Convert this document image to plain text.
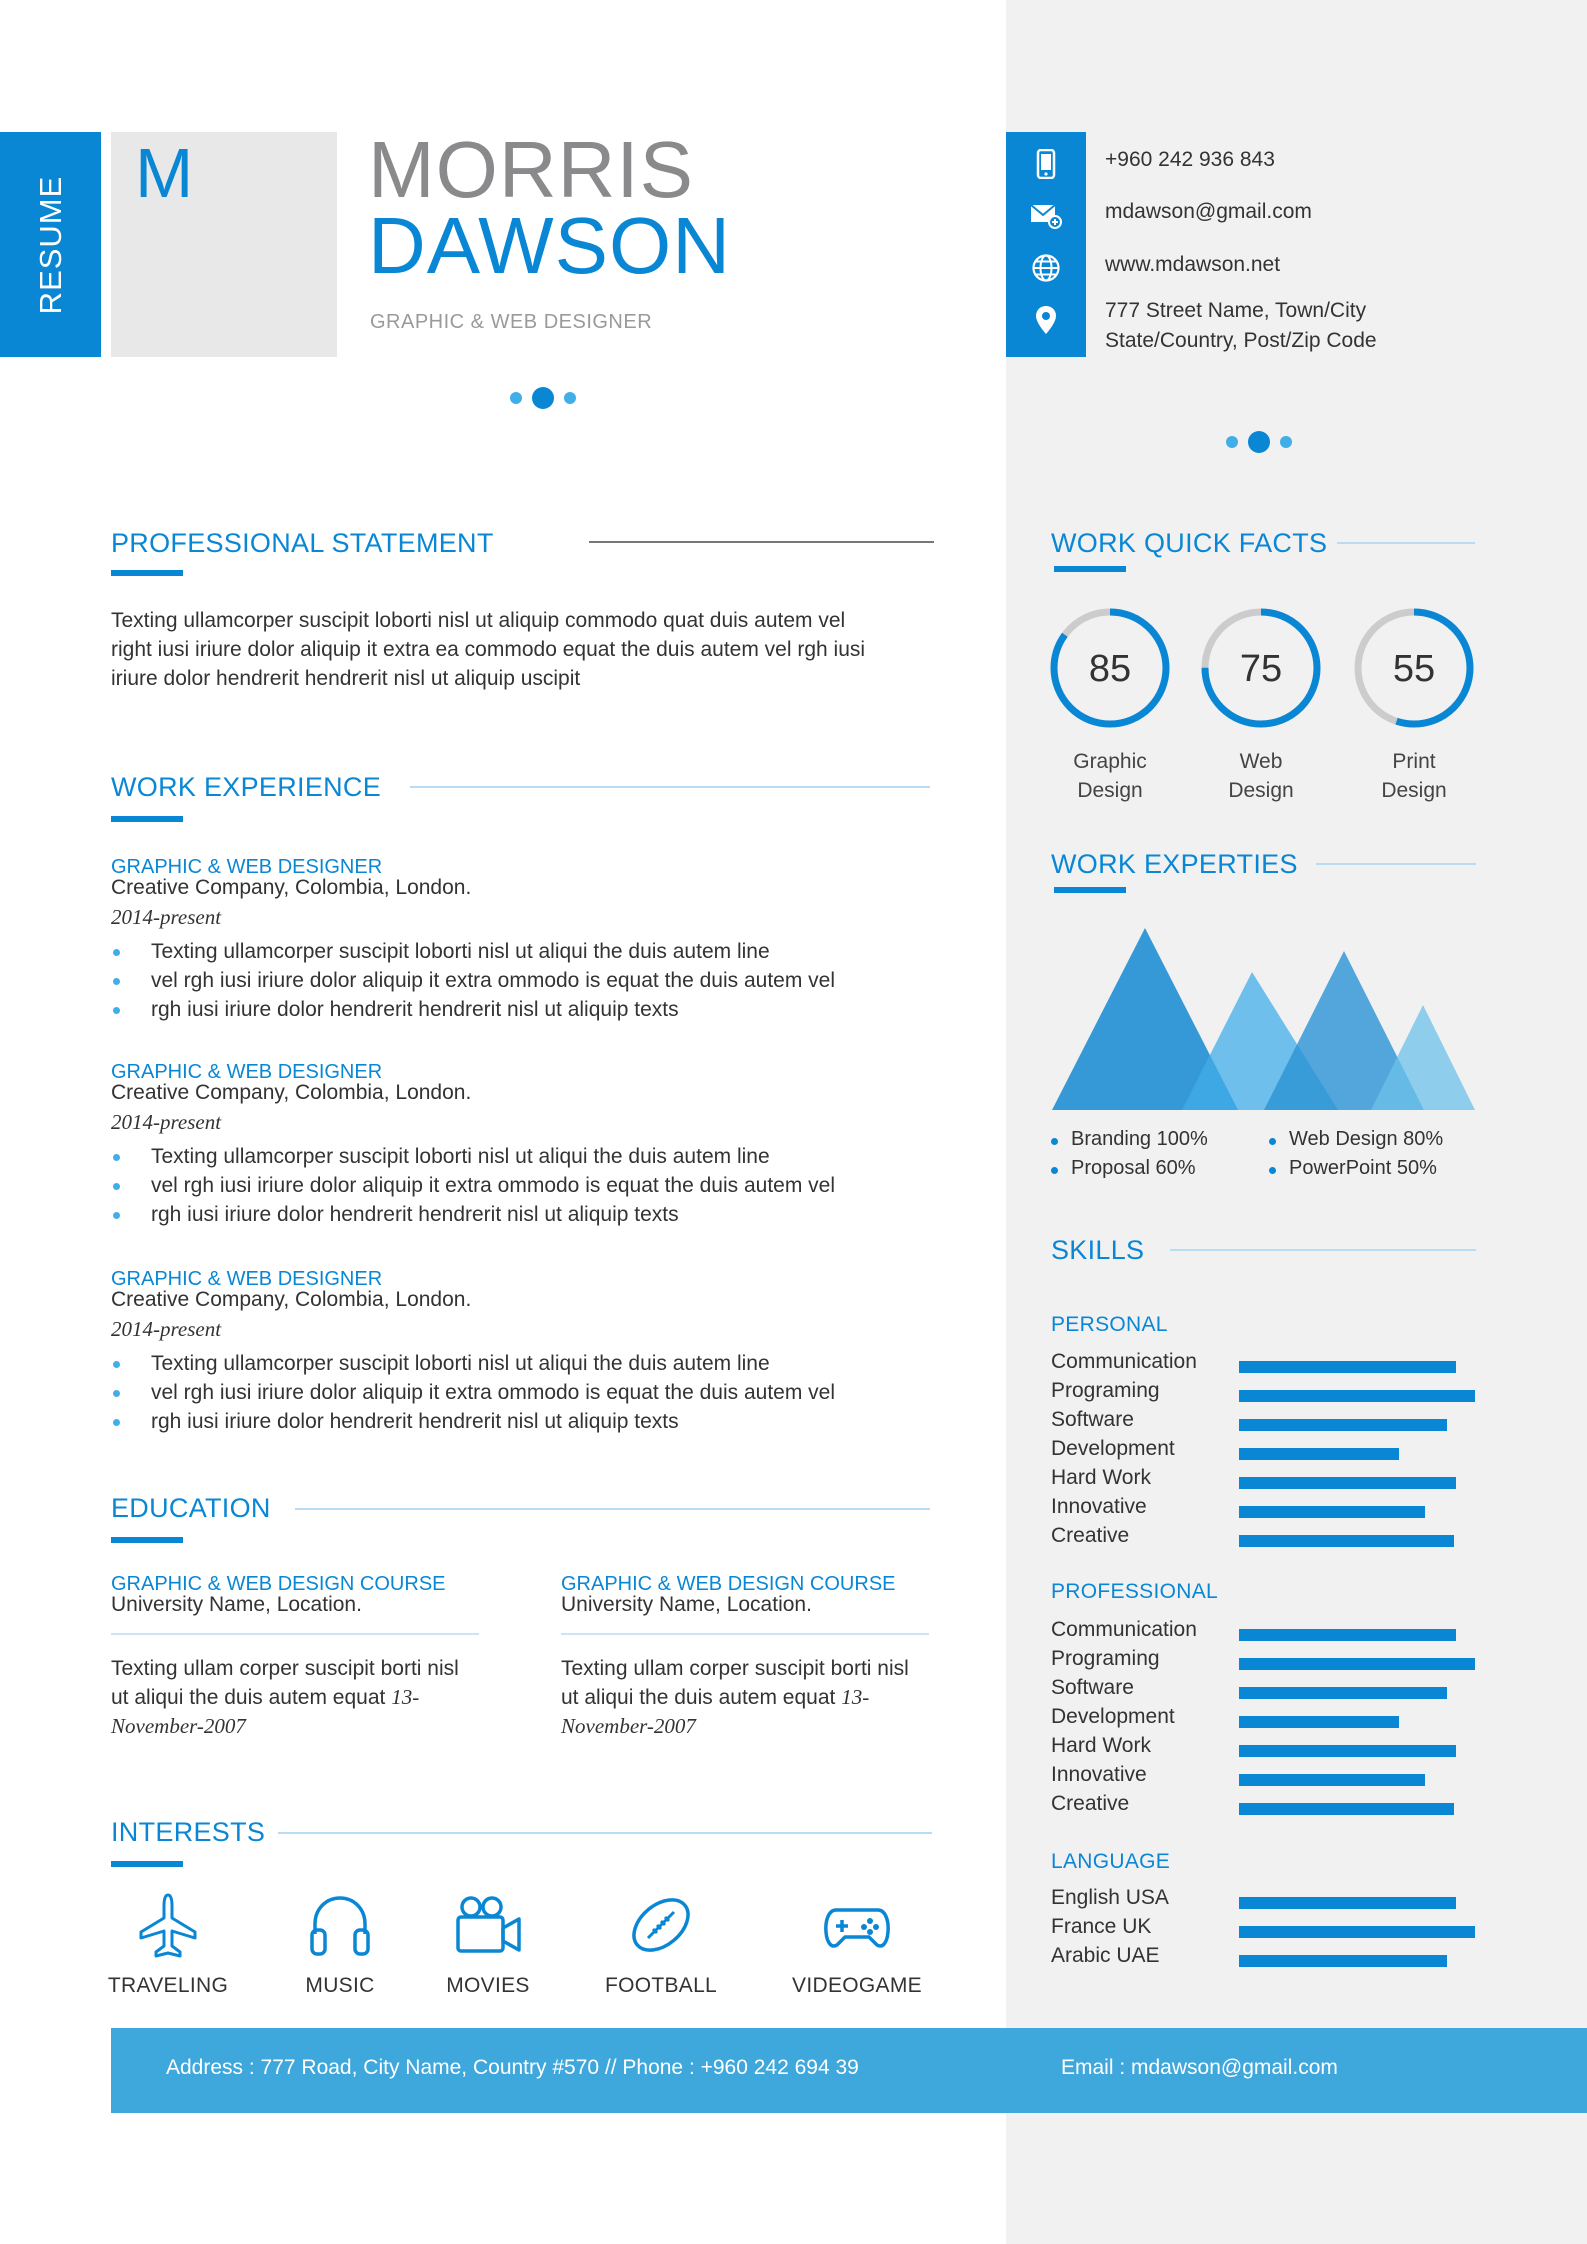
RESUME
M MORRIS
DAWSON
GRAPHIC & WEB DESIGNER
+960 242 936 843
mdawson@gmail.com
www.mdawson.net
777 Street Name, Town/City
State/Country, Post/Zip Code
PROFESSIONAL STATEMENT
Texting ullamcorper suscipit loborti nisl ut aliquip commodo quat duis autem vel
right iusi iriure dolor aliquip it extra ea commodo equat the duis autem vel rgh iusi
iriure dolor hendrerit hendrerit nisl ut aliquip uscipit
WORK EXPERIENCE
GRAPHIC & WEB DESIGNER
Creative Company, Colombia, London.
2014-present
Texting ullamcorper suscipit loborti nisl ut aliqui the duis autem line
vel rgh iusi iriure dolor aliquip it extra ommodo is equat the duis autem vel
rgh iusi iriure dolor hendrerit hendrerit nisl ut aliquip texts
GRAPHIC & WEB DESIGNER
Creative Company, Colombia, London.
2014-present
Texting ullamcorper suscipit loborti nisl ut aliqui the duis autem line
vel rgh iusi iriure dolor aliquip it extra ommodo is equat the duis autem vel
rgh iusi iriure dolor hendrerit hendrerit nisl ut aliquip texts
GRAPHIC & WEB DESIGNER
Creative Company, Colombia, London.
2014-present
Texting ullamcorper suscipit loborti nisl ut aliqui the duis autem line
vel rgh iusi iriure dolor aliquip it extra ommodo is equat the duis autem vel
rgh iusi iriure dolor hendrerit hendrerit nisl ut aliquip texts
EDUCATION
GRAPHIC & WEB DESIGN COURSE
University Name, Location.
Texting ullam corper suscipit borti nisl
ut aliqui the duis autem equat 13-
November-2007
GRAPHIC & WEB DESIGN COURSE
University Name, Location.
Texting ullam corper suscipit borti nisl
ut aliqui the duis autem equat 13-
November-2007
INTERESTS
TRAVELING	MUSIC	MOVIES	FOOTBALL	VIDEOGAME
Address : 777 Road, City Name, Country #570 // Phone : +960 242 694 39	Email : mdawson@gmail.com
WORK QUICK FACTS
85
Graphic
Design
75
Web
Design
55
Print
Design
WORK EXPERTIES
Branding 100%	Web Design 80%
Proposal 60%	PowerPoint 50%
SKILLS
PERSONAL
Communication
Programing
Software
Development
Hard Work
Innovative
Creative
PROFESSIONAL
Communication
Programing
Software
Development
Hard Work
Innovative
Creative
LANGUAGE
English USA
France UK
Arabic UAE
